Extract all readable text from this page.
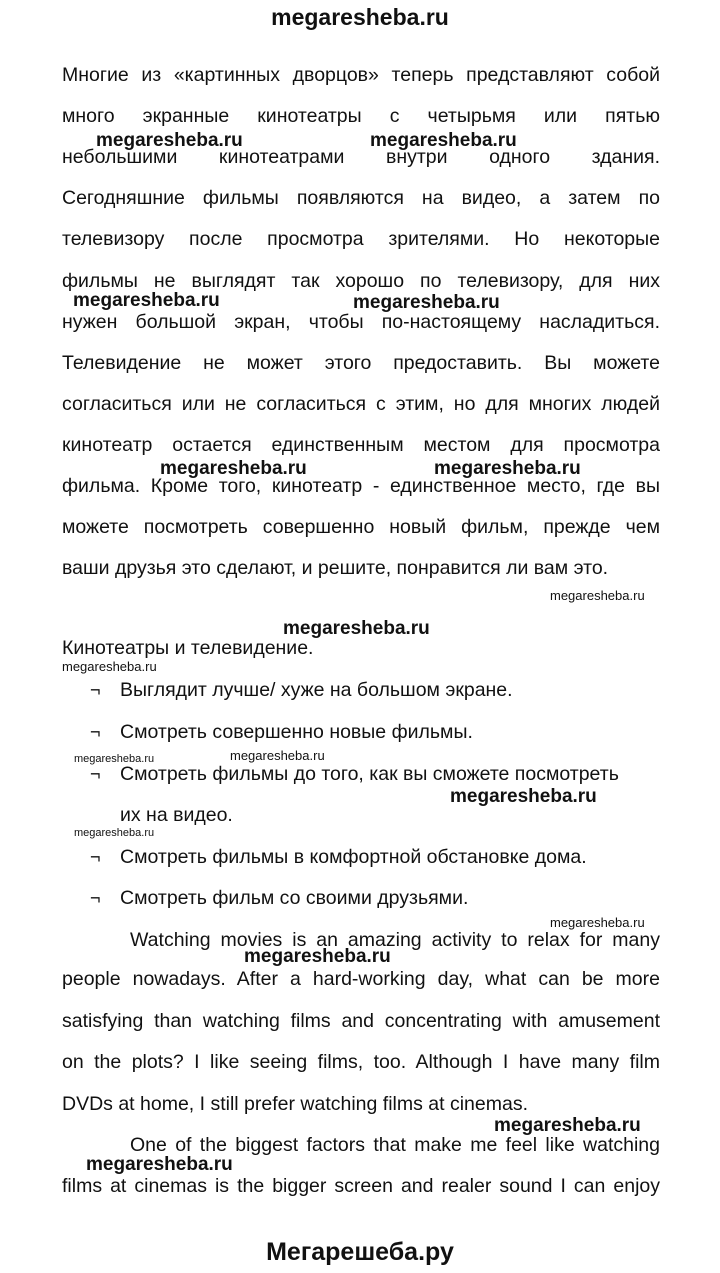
megaresheba.ru
Многие из «картинных дворцов» теперь представляют собой
много экранные кинотеатры с четырьмя или пятью
небольшими кинотеатрами внутри одного здания.
Сегодняшние фильмы появляются на видео, а затем по
телевизору после просмотра зрителями. Но некоторые
фильмы не выглядят так хорошо по телевизору, для них
нужен большой экран, чтобы по-настоящему насладиться.
Телевидение не может этого предоставить. Вы можете
согласиться или не согласиться с этим, но для многих людей
кинотеатр остается единственным местом для просмотра
фильма. Кроме того, кинотеатр - единственное место, где вы
можете посмотреть совершенно новый фильм, прежде чем
ваши друзья это сделают, и решите, понравится ли вам это.
Кинотеатры и телевидение.
¬ Выглядит лучше/ хуже на большом экране.
¬ Смотреть совершенно новые фильмы.
¬ Смотреть фильмы до того, как вы сможете посмотреть
их на видео.
¬ Смотреть фильмы в комфортной обстановке дома.
¬ Смотреть фильм со своими друзьями.
Watching movies is an amazing activity to relax for many
people nowadays. After a hard-working day, what can be more
satisfying than watching films and concentrating with amusement
on the plots? I like seeing films, too. Although I have many film
DVDs at home, I still prefer watching films at cinemas.
One of the biggest factors that make me feel like watching
films at cinemas is the bigger screen and realer sound I can enjoy
megaresheba.ru	megaresheba.ru
megaresheba.ru	megaresheba.ru
megaresheba.ru	megaresheba.ru
megaresheba.ru
megaresheba.ru
megaresheba.ru
megaresheba.ru	megaresheba.ru
megaresheba.ru
megaresheba.ru
megaresheba.ru
megaresheba.ru
megaresheba.ru
megaresheba.ru
Мегарешеба.ру
